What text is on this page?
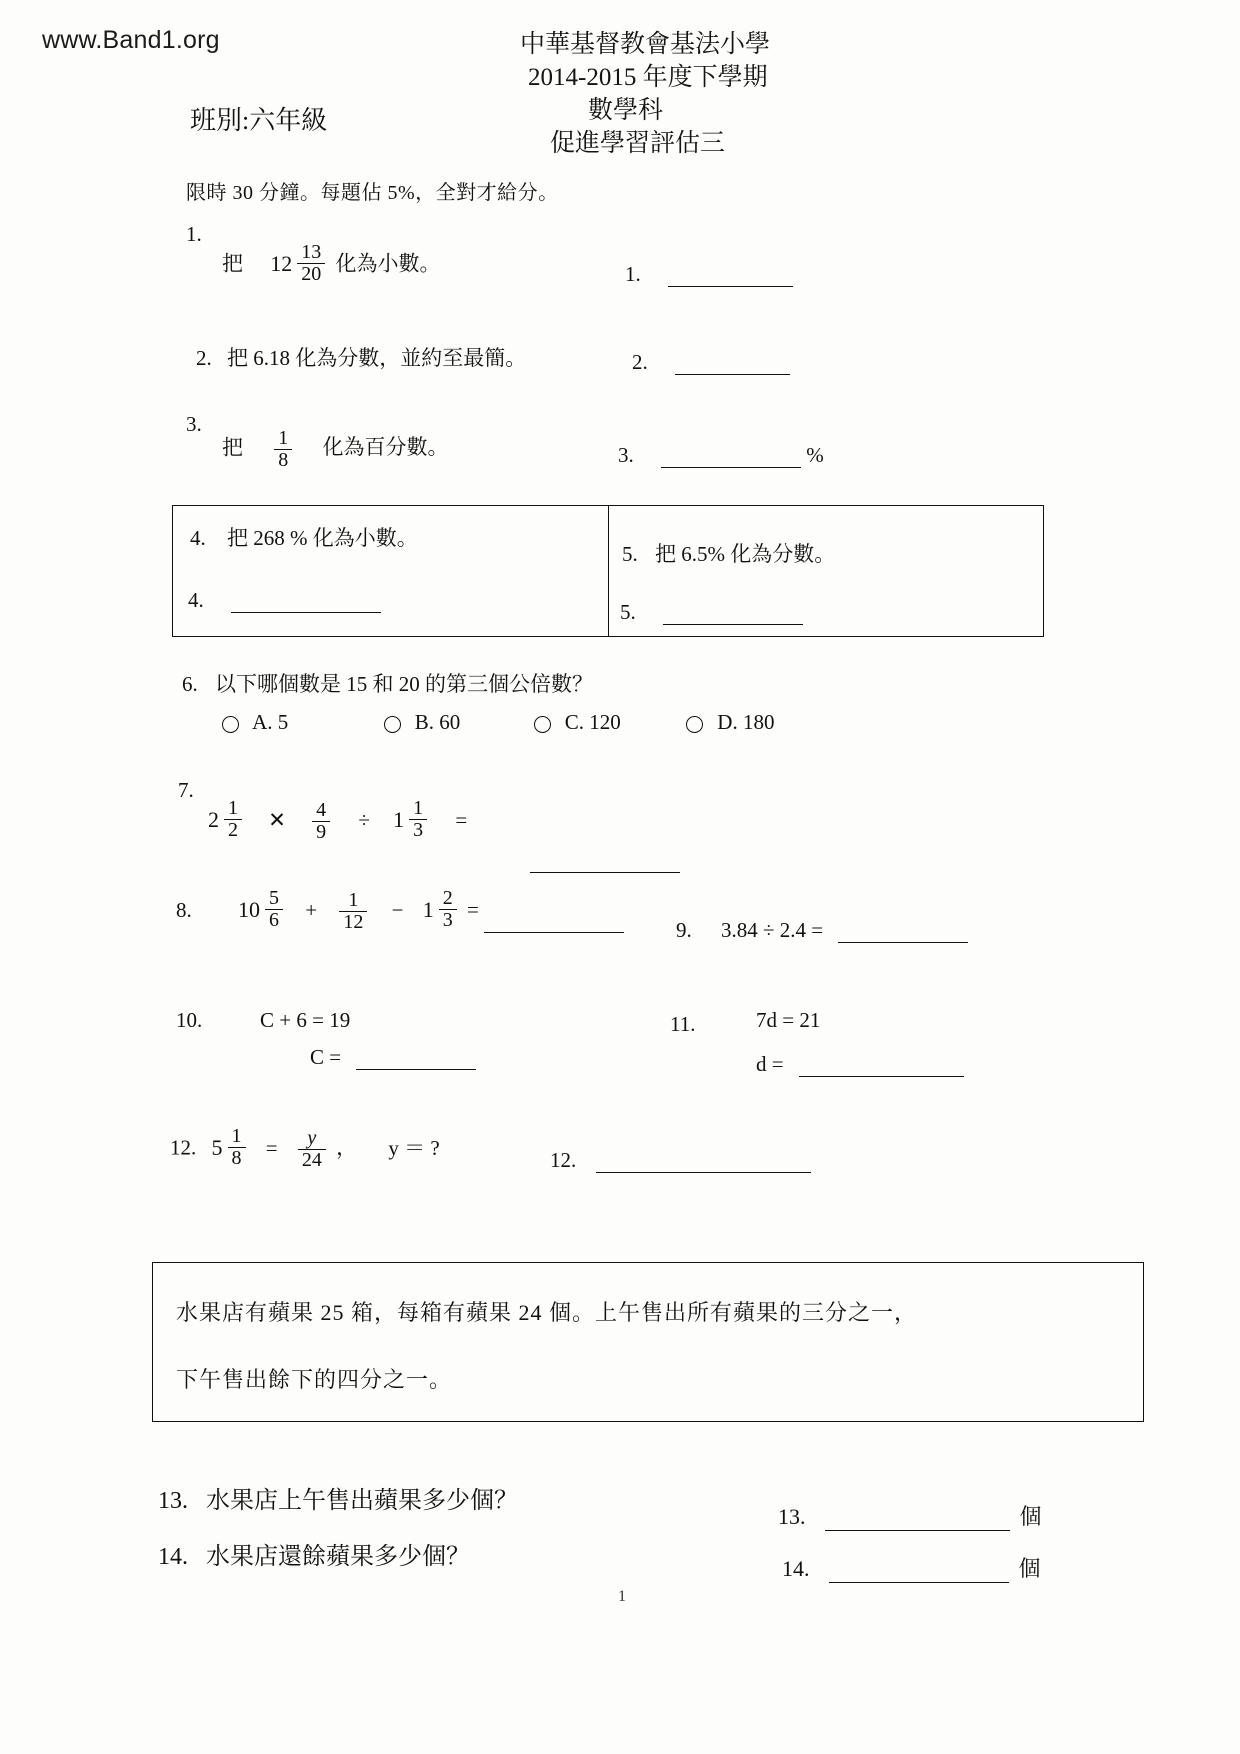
www.Band1.org	中華基督教會基法小學
2014-2015 年度下學期
數學科
促進學習評估三
班別:六年級
限時 30 分鐘。每題佔 5%，全對才給分。
1.
把 $12 \frac{13}{20}$ 化為小數。	1.
2. 把 6.18 化為分數，並約至最簡。	2.
3.
把 $\frac{1}{8}$ 化為百分數。	3.	%
4. 把 268 % 化為小數。
4.
5. 把 6.5% 化為分數。
5.
6. 以下哪個數是 15 和 20 的第三個公倍數？
A. 5	B. 60	C. 120	D. 180
7.
$2 \frac{1}{2}$ ✕ $\frac{4}{9} \div 1 \frac{1}{3}$ =
8. $10 \frac{5}{6} + \frac{1}{12} - 1 \frac{2}{3}$ =
9. 3.84 ÷ 2.4 =
10.	C + 6 = 19
C =
11.	7d = 21
d =
12. $5 \frac{1}{8} = \frac{y}{24}$ ， y ＝ ?
12.
水果店有蘋果 25 箱，每箱有蘋果 24 個。上午售出所有蘋果的三分之一，
下午售出餘下的四分之一。
13. 水果店上午售出蘋果多少個？
13.	個
14. 水果店還餘蘋果多少個？	14.	個
1
